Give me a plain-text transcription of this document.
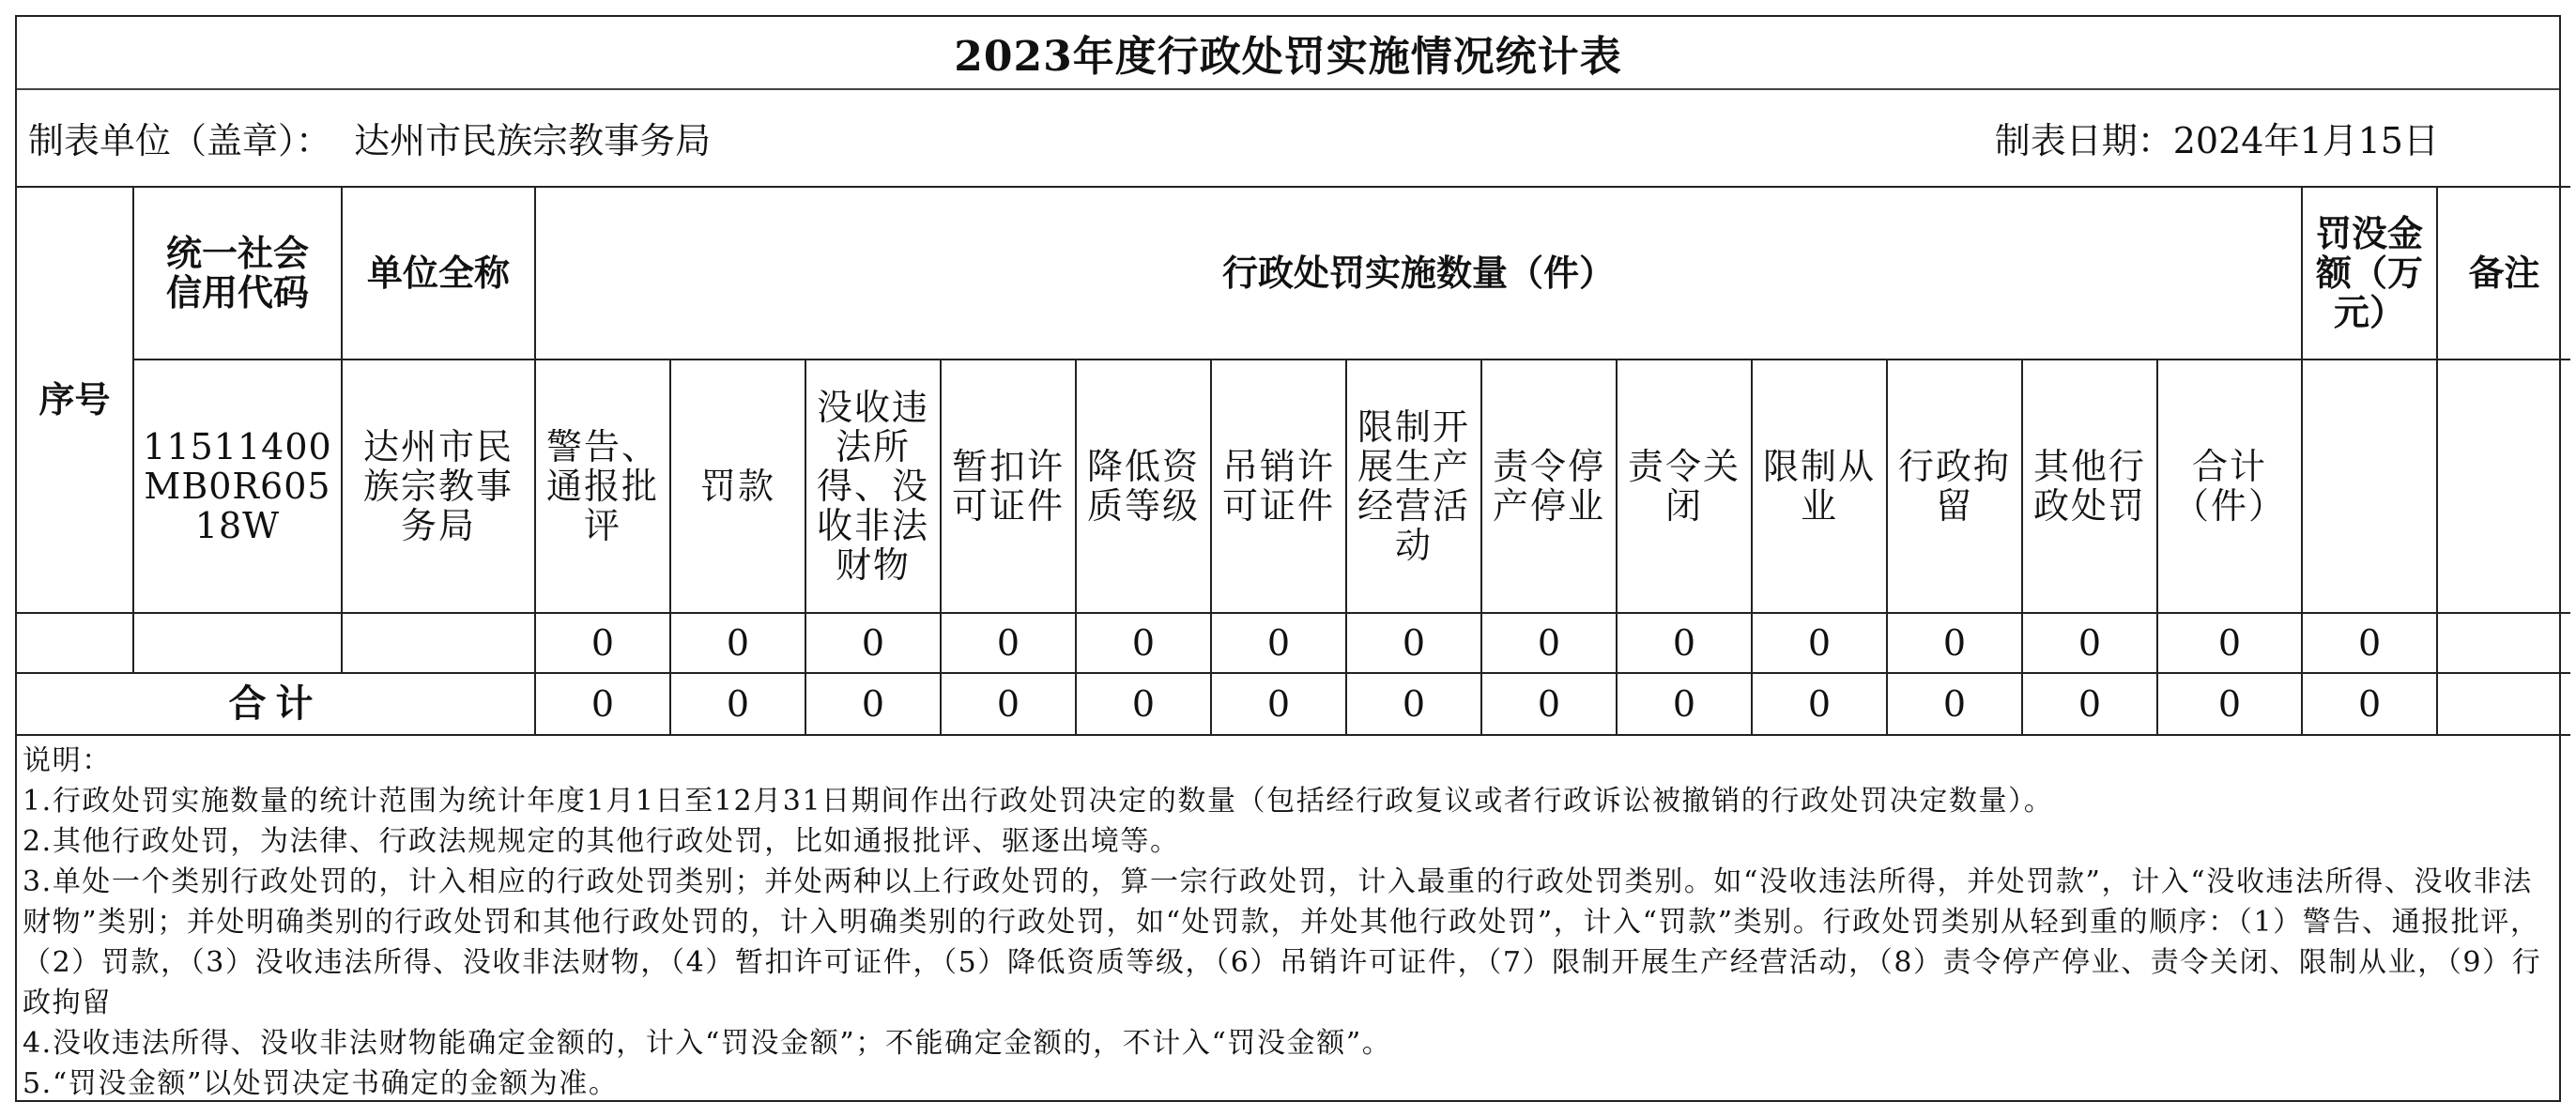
2023年度行政处罚实施情况统计表
制表单位（盖章）： 达州市民族宗教事务局	制表日期：2024年1月15日
序号	统一社会信用代码	单位全称	行政处罚实施数量（件）													罚没金额（万元）	备注
	11511400MB0R60518W	达州市民族宗教事务局	警告、通报批评	罚款	没收违法所得、没收非法财物	暂扣许可证件	降低资质等级	吊销许可证件	限制开展生产经营活动	责令停产停业	责令关闭	限制从业	行政拘留	其他行政处罚	合计（件）		
			0	0	0	0	0	0	0	0	0	0	0	0	0	0	
合计			0	0	0	0	0	0	0	0	0	0	0	0	0	0	
说明：
1.行政处罚实施数量的统计范围为统计年度1月1日至12月31日期间作出行政处罚决定的数量（包括经行政复议或者行政诉讼被撤销的行政处罚决定数量）。
2.其他行政处罚，为法律、行政法规规定的其他行政处罚，比如通报批评、驱逐出境等。
3.单处一个类别行政处罚的，计入相应的行政处罚类别；并处两种以上行政处罚的，算一宗行政处罚，计入最重的行政处罚类别。如“没收违法所得，并处罚款”，计入“没收违法所得、没收非法财物”类别；并处明确类别的行政处罚和其他行政处罚的，计入明确类别的行政处罚，如“处罚款，并处其他行政处罚”，计入“罚款”类别。行政处罚类别从轻到重的顺序：（1）警告、通报批评，（2）罚款，（3）没收违法所得、没收非法财物，（4）暂扣许可证件，（5）降低资质等级，（6）吊销许可证件，（7）限制开展生产经营活动，（8）责令停产停业、责令关闭、限制从业，（9）行政拘留
4.没收违法所得、没收非法财物能确定金额的，计入“罚没金额”；不能确定金额的，不计入“罚没金额”。
5.“罚没金额”以处罚决定书确定的金额为准。
